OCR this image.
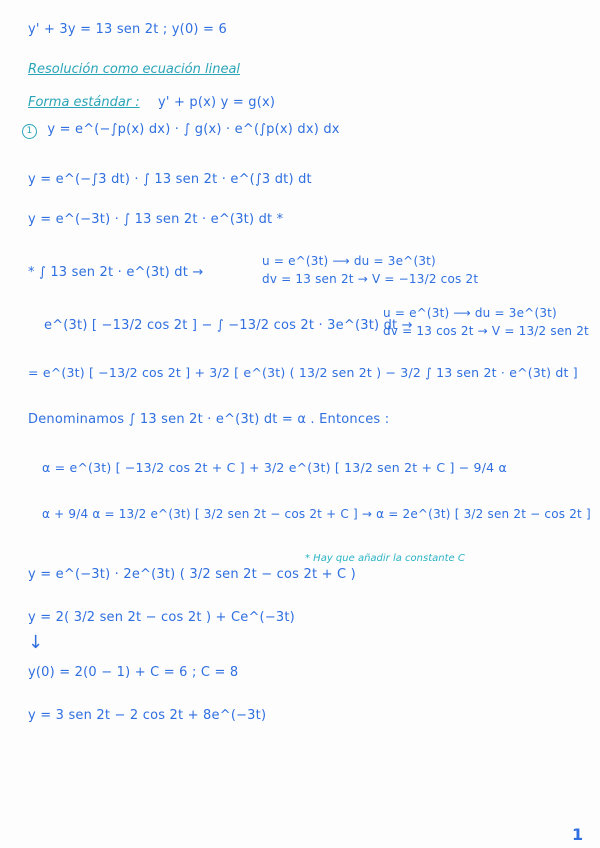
y' + 3y = 13 sen 2t ; y(0) = 6
Resolución como ecuación lineal
Forma estándar : y' + p(x) y = g(x)
1 y = e^(−∫p(x) dx) · ∫ g(x) · e^(∫p(x) dx) dx
y = e^(−∫3 dt) · ∫ 13 sen 2t · e^(∫3 dt) dt
y = e^(−3t) · ∫ 13 sen 2t · e^(3t) dt *
* ∫ 13 sen 2t · e^(3t) dt →
u = e^(3t) ⟶ du = 3e^(3t)
dv = 13 sen 2t → V = −13/2 cos 2t
e^(3t) [ −13/2 cos 2t ] − ∫ −13/2 cos 2t · 3e^(3t) dt →
u = e^(3t) ⟶ du = 3e^(3t)
dv = 13 cos 2t → V = 13/2 sen 2t
= e^(3t) [ −13/2 cos 2t ] + 3/2 [ e^(3t) ( 13/2 sen 2t ) − 3/2 ∫ 13 sen 2t · e^(3t) dt ]
Denominamos ∫ 13 sen 2t · e^(3t) dt = α . Entonces :
α = e^(3t) [ −13/2 cos 2t + C ] + 3/2 e^(3t) [ 13/2 sen 2t + C ] − 9/4 α
α + 9/4 α = 13/2 e^(3t) [ 3/2 sen 2t − cos 2t + C ] → α = 2e^(3t) [ 3/2 sen 2t − cos 2t ]
y = e^(−3t) · 2e^(3t) ( 3/2 sen 2t − cos 2t + C )
* Hay que añadir la constante C
y = 2( 3/2 sen 2t − cos 2t ) + Ce^(−3t)
↓
y(0) = 2(0 − 1) + C = 6 ; C = 8
y = 3 sen 2t − 2 cos 2t + 8e^(−3t)
1
